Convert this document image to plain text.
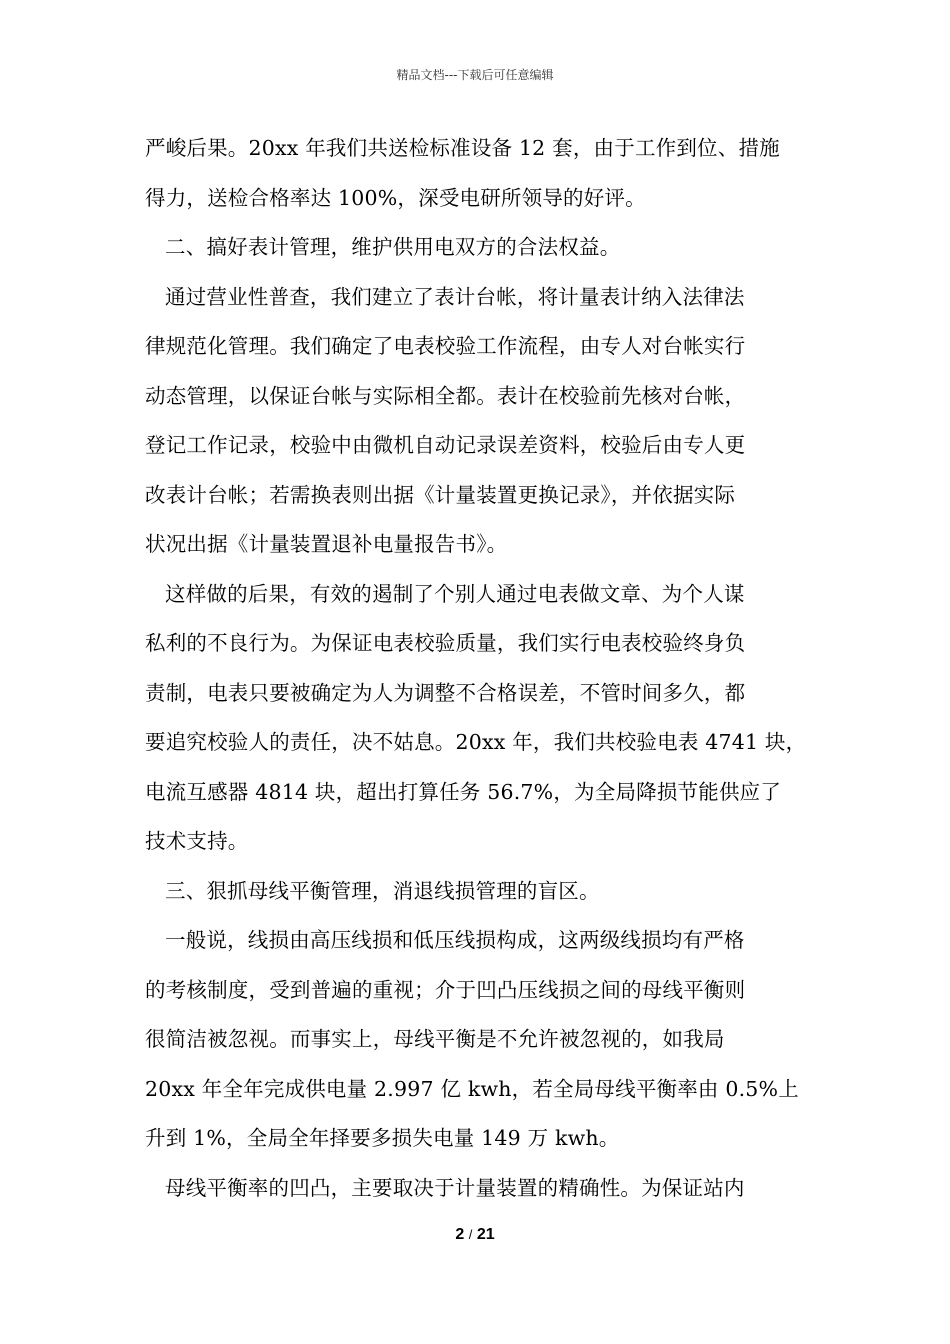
精品文档---下载后可任意编辑
严峻后果。20xx 年我们共送检标准设备 12 套，由于工作到位、措施
得力，送检合格率达 100%，深受电研所领导的好评。
二、搞好表计管理，维护供用电双方的合法权益。
通过营业性普查，我们建立了表计台帐，将计量表计纳入法律法
律规范化管理。我们确定了电表校验工作流程，由专人对台帐实行
动态管理，以保证台帐与实际相全都。表计在校验前先核对台帐，
登记工作记录，校验中由微机自动记录误差资料，校验后由专人更
改表计台帐；若需换表则出据《计量装置更换记录》，并依据实际
状况出据《计量装置退补电量报告书》。
这样做的后果，有效的遏制了个别人通过电表做文章、为个人谋
私利的不良行为。为保证电表校验质量，我们实行电表校验终身负
责制，电表只要被确定为人为调整不合格误差，不管时间多久，都
要追究校验人的责任，决不姑息。20xx 年，我们共校验电表 4741 块，
电流互感器 4814 块，超出打算任务 56.7%，为全局降损节能供应了
技术支持。
三、狠抓母线平衡管理，消退线损管理的盲区。
一般说，线损由高压线损和低压线损构成，这两级线损均有严格
的考核制度，受到普遍的重视；介于凹凸压线损之间的母线平衡则
很简洁被忽视。而事实上，母线平衡是不允许被忽视的，如我局
20xx 年全年完成供电量 2.997 亿 kwh，若全局母线平衡率由 0.5%上
升到 1%，全局全年择要多损失电量 149 万 kwh。
母线平衡率的凹凸，主要取决于计量装置的精确性。为保证站内
2 / 21
